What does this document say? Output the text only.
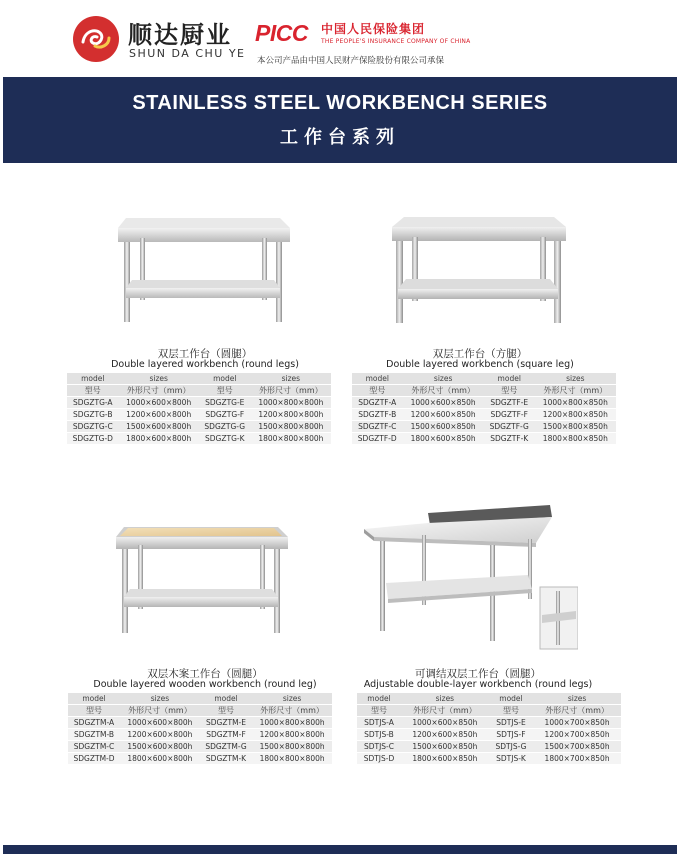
顺达厨业
SHUN DA CHU YE
PICC 中国人民保险集团
THE PEOPLE'S INSURANCE COMPANY OF CHINA
本公司产品由中国人民财产保险股份有限公司承保
STAINLESS STEEL WORKBENCH SERIES
工作台系列
双层工作台（圆腿）
Double layered workbench (round legs)
model	sizes	model	sizes
型号	外形尺寸（mm）	型号	外形尺寸（mm）
SDGZTG-A	1000×600×800h	SDGZTG-E	1000×800×800h
SDGZTG-B	1200×600×800h	SDGZTG-F	1200×800×800h
SDGZTG-C	1500×600×800h	SDGZTG-G	1500×800×800h
SDGZTG-D	1800×600×800h	SDGZTG-K	1800×800×800h
双层工作台（方腿）
Double layered workbench (square leg)
model	sizes	model	sizes
型号	外形尺寸（mm）	型号	外形尺寸（mm）
SDGZTF-A	1000×600×850h	SDGZTF-E	1000×800×850h
SDGZTF-B	1200×600×850h	SDGZTF-F	1200×800×850h
SDGZTF-C	1500×600×850h	SDGZTF-G	1500×800×850h
SDGZTF-D	1800×600×850h	SDGZTF-K	1800×800×850h
双层木案工作台（圆腿）
Double layered wooden workbench (round leg)
model	sizes	model	sizes
型号	外形尺寸（mm）	型号	外形尺寸（mm）
SDGZTM-A	1000×600×800h	SDGZTM-E	1000×800×800h
SDGZTM-B	1200×600×800h	SDGZTM-F	1200×800×800h
SDGZTM-C	1500×600×800h	SDGZTM-G	1500×800×800h
SDGZTM-D	1800×600×800h	SDGZTM-K	1800×800×800h
可调结双层工作台（圆腿）
Adjustable double-layer workbench (round legs)
model	sizes	model	sizes
型号	外形尺寸（mm）	型号	外形尺寸（mm）
SDTJS-A	1000×600×850h	SDTJS-E	1000×700×850h
SDTJS-B	1200×600×850h	SDTJS-F	1200×700×850h
SDTJS-C	1500×600×850h	SDTJS-G	1500×700×850h
SDTJS-D	1800×600×850h	SDTJS-K	1800×700×850h
